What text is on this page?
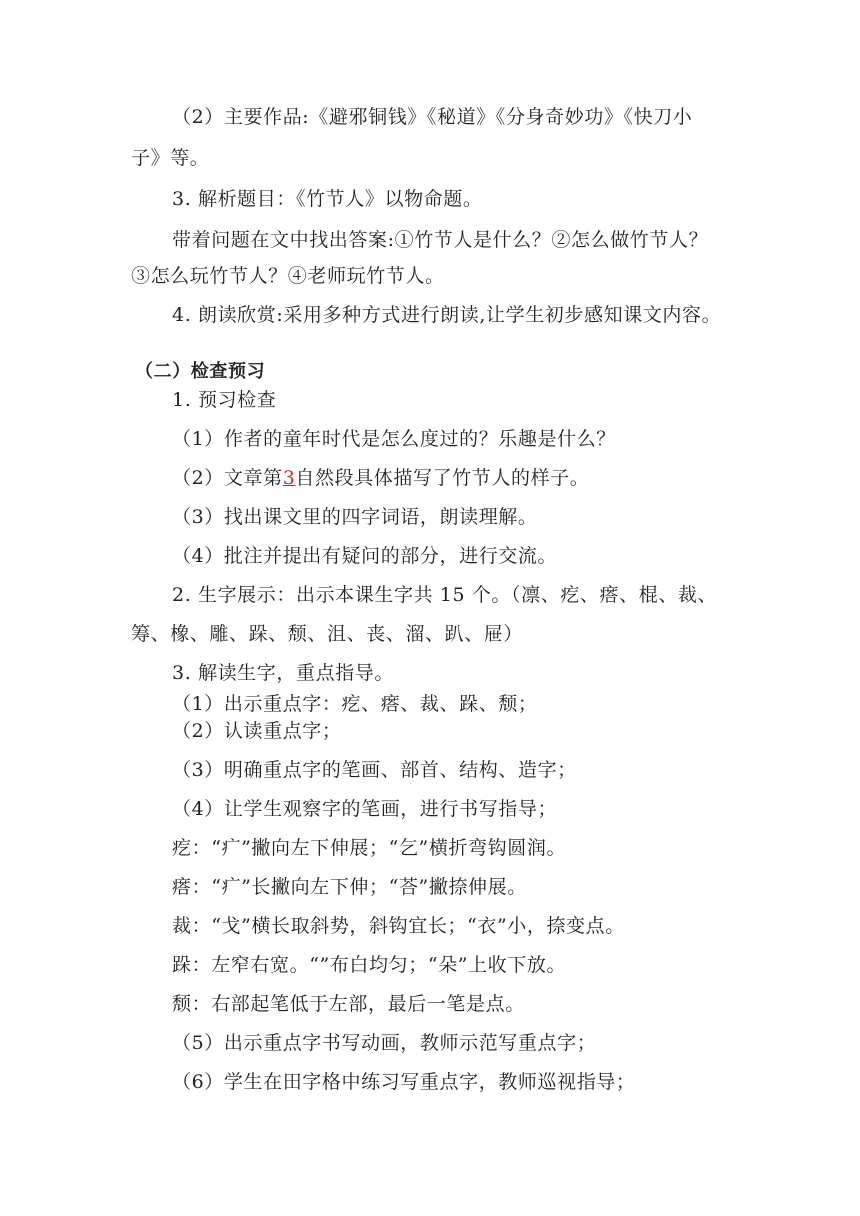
（2）主要作品:《避邪铜钱》《秘道》《分身奇妙功》《快刀小
子》等。
3. 解析题目：《竹节人》以物命题。
带着问题在文中找出答案:①竹节人是什么？②怎么做竹节人？
③怎么玩竹节人？④老师玩竹节人。
4. 朗读欣赏:采用多种方式进行朗读,让学生初步感知课文内容。
（二）检查预习
1. 预习检查
（1）作者的童年时代是怎么度过的？乐趣是什么？
（2）文章第3自然段具体描写了竹节人的样子。
（3）找出课文里的四字词语，朗读理解。
（4）批注并提出有疑问的部分，进行交流。
2. 生字展示：出示本课生字共 15 个。（凛、疙、瘩、棍、裁、
筹、橡、雕、跺、颓、沮、丧、溜、趴、屉）
3. 解读生字，重点指导。
（1）出示重点字：疙、瘩、裁、跺、颓；
（2）认读重点字；
（3）明确重点字的笔画、部首、结构、造字；
（4）让学生观察字的笔画，进行书写指导；
疙：“疒”撇向左下伸展；“乞”横折弯钩圆润。
瘩：“疒”长撇向左下伸；“荅”撇捺伸展。
裁：“戈”横长取斜势，斜钩宜长；“衣”小，捺变点。
跺：左窄右宽。“”布白均匀；“朵”上收下放。
颓：右部起笔低于左部，最后一笔是点。
（5）出示重点字书写动画，教师示范写重点字；
（6）学生在田字格中练习写重点字，教师巡视指导；
